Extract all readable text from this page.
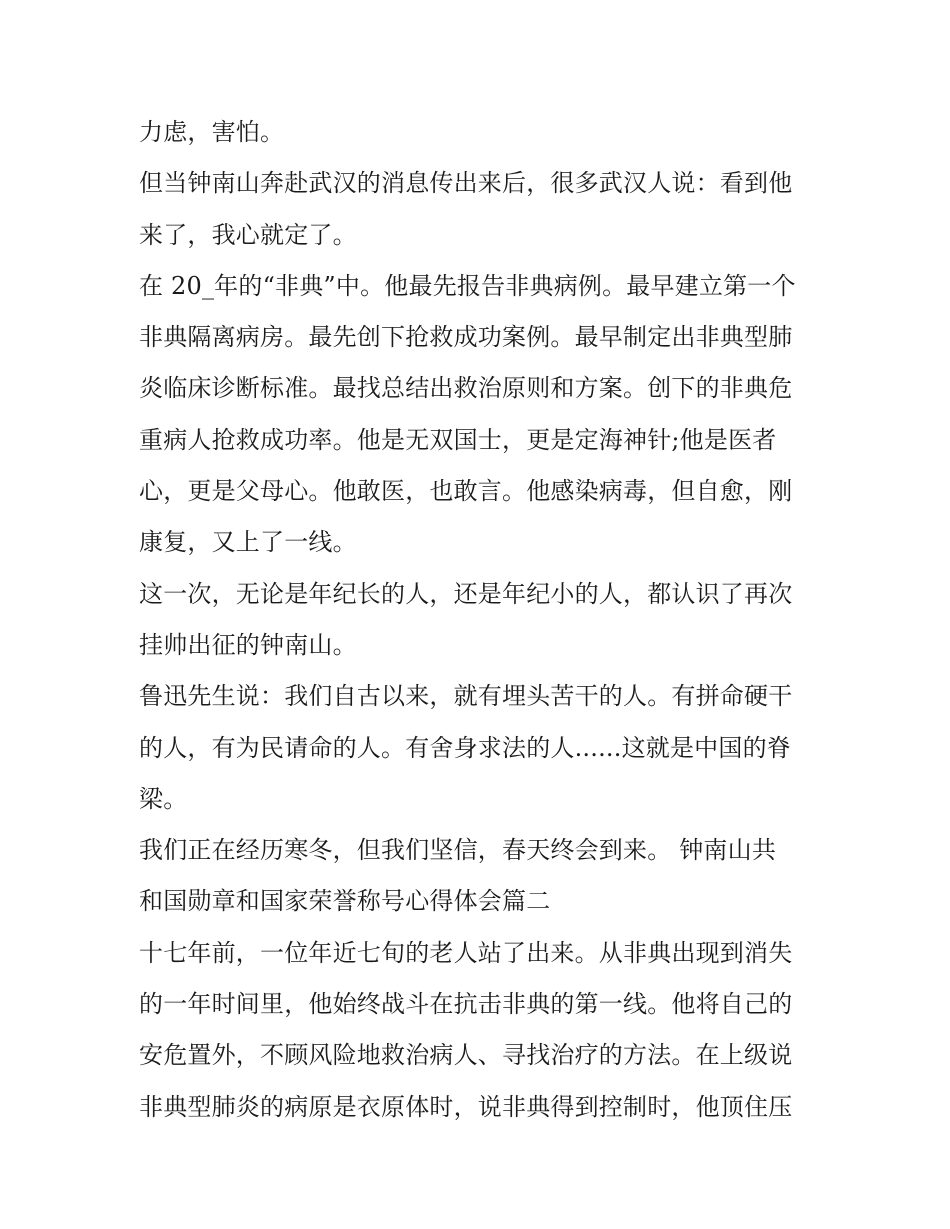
力虑，害怕。
但当钟南山奔赴武汉的消息传出来后，很多武汉人说：看到他
来了，我心就定了。
在 20_年的“非典”中。他最先报告非典病例。最早建立第一个
非典隔离病房。最先创下抢救成功案例。最早制定出非典型肺
炎临床诊断标准。最找总结出救治原则和方案。创下的非典危
重病人抢救成功率。他是无双国士，更是定海神针;他是医者
心，更是父母心。他敢医，也敢言。他感染病毒，但自愈，刚
康复，又上了一线。
这一次，无论是年纪长的人，还是年纪小的人，都认识了再次
挂帅出征的钟南山。
鲁迅先生说：我们自古以来，就有埋头苦干的人。有拼命硬干
的人，有为民请命的人。有舍身求法的人......这就是中国的脊
梁。
我们正在经历寒冬，但我们坚信，春天终会到来。 钟南山共
和国勋章和国家荣誉称号心得体会篇二
十七年前，一位年近七旬的老人站了出来。从非典出现到消失
的一年时间里，他始终战斗在抗击非典的第一线。他将自己的
安危置外，不顾风险地救治病人、寻找治疗的方法。在上级说
非典型肺炎的病原是衣原体时，说非典得到控制时，他顶住压
